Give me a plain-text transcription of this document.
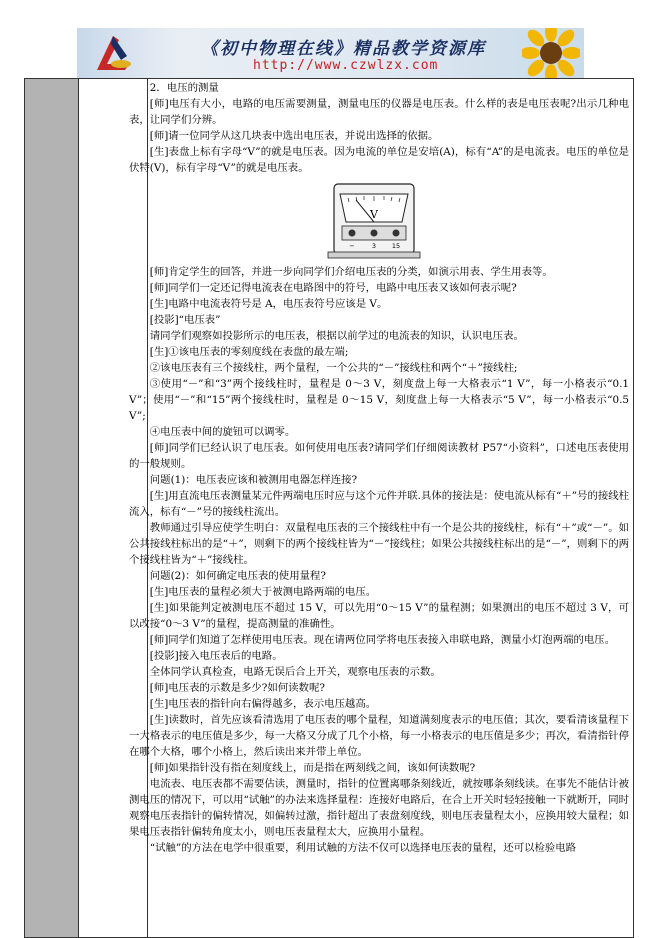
《初中物理在线》精品教学资源库
http://www.czwlzx.com

2．电压的测量

[师]电压有大小，电路的电压需要测量，测量电压的仪器是电压表。什么样的表是电压表呢?出示几种电表，让同学们分辨。

[师]请一位同学从这几块表中选出电压表，并说出选择的依据。

[生]表盘上标有字母“V”的就是电压表。因为电流的单位是安培(A)，标有“A”的是电流表。电压的单位是伏特(V)，标有字母“V”的就是电压表。

V
−	3 15

[师]肯定学生的回答，并进一步向同学们介绍电压表的分类，如演示用表、学生用表等。

[师]同学们一定还记得电流表在电路图中的符号，电路中电压表又该如何表示呢?

[生]电路中电流表符号是 A，电压表符号应该是 V。

[投影]“电压表”

请同学们观察如投影所示的电压表，根据以前学过的电流表的知识，认识电压表。

[生]①该电压表的零刻度线在表盘的最左端;

②该电压表有三个接线柱，两个量程，一个公共的“－”接线柱和两个“＋”接线柱;

③使用“－”和“3”两个接线柱时，量程是 0～3 V，刻度盘上每一大格表示“1 V”，每一小格表示“0.1 V”；使用“－”和“15”两个接线柱时，量程是 0～15 V，刻度盘上每一大格表示“5 V”，每一小格表示“0.5 V”;

④电压表中间的旋钮可以调零。

[师]同学们已经认识了电压表。如何使用电压表?请同学们仔细阅读教材 P57“小资料”，口述电压表使用的一般规则。

问题(1)：电压表应该和被测用电器怎样连接?

[生]用直流电压表测量某元件两端电压时应与这个元件并联.具体的接法是：使电流从标有“＋”号的接线柱流入，标有“－”号的接线柱流出。

教师通过引导应使学生明白：双量程电压表的三个接线柱中有一个是公共的接线柱，标有“＋”或“－”。如公共接线柱标出的是“＋”，则剩下的两个接线柱皆为“－”接线柱；如果公共接线柱标出的是“－”，则剩下的两个接线柱皆为“＋”接线柱。

问题(2)：如何确定电压表的使用量程?

[生]电压表的量程必须大于被测电路两端的电压。

[生]如果能判定被测电压不超过 15 V，可以先用“0～15 V”的量程测；如果测出的电压不超过 3 V，可以改接“0～3 V”的量程，提高测量的准确性。

[师]同学们知道了怎样使用电压表。现在请两位同学将电压表接入串联电路，测量小灯泡两端的电压。

[投影]接入电压表后的电路。

全体同学认真检查，电路无误后合上开关，观察电压表的示数。

[师]电压表的示数是多少?如何读数呢?

[生]电压表的指针向右偏得越多，表示电压越高。

[生]读数时，首先应该看清选用了电压表的哪个量程，知道满刻度表示的电压值；其次，要看清该量程下一大格表示的电压值是多少，每一大格又分成了几个小格，每一小格表示的电压值是多少；再次，看清指针停在哪个大格，哪个小格上，然后读出来并带上单位。

[师]如果指针没有指在刻度线上，而是指在两刻线之间，该如何读数呢?

电流表、电压表都不需要估读，测量时，指针的位置离哪条刻线近，就按哪条刻线读。在事先不能估计被测电压的情况下，可以用“试触”的办法来选择量程：连接好电路后，在合上开关时轻轻接触一下就断开，同时观察电压表指针的偏转情况，如偏转过激，指针超出了表盘刻度线，则电压表量程太小，应换用较大量程；如果电压表指针偏转角度太小，则电压表量程太大，应换用小量程。

“试触”的方法在电学中很重要，利用试触的方法不仅可以选择电压表的量程，还可以检验电路
